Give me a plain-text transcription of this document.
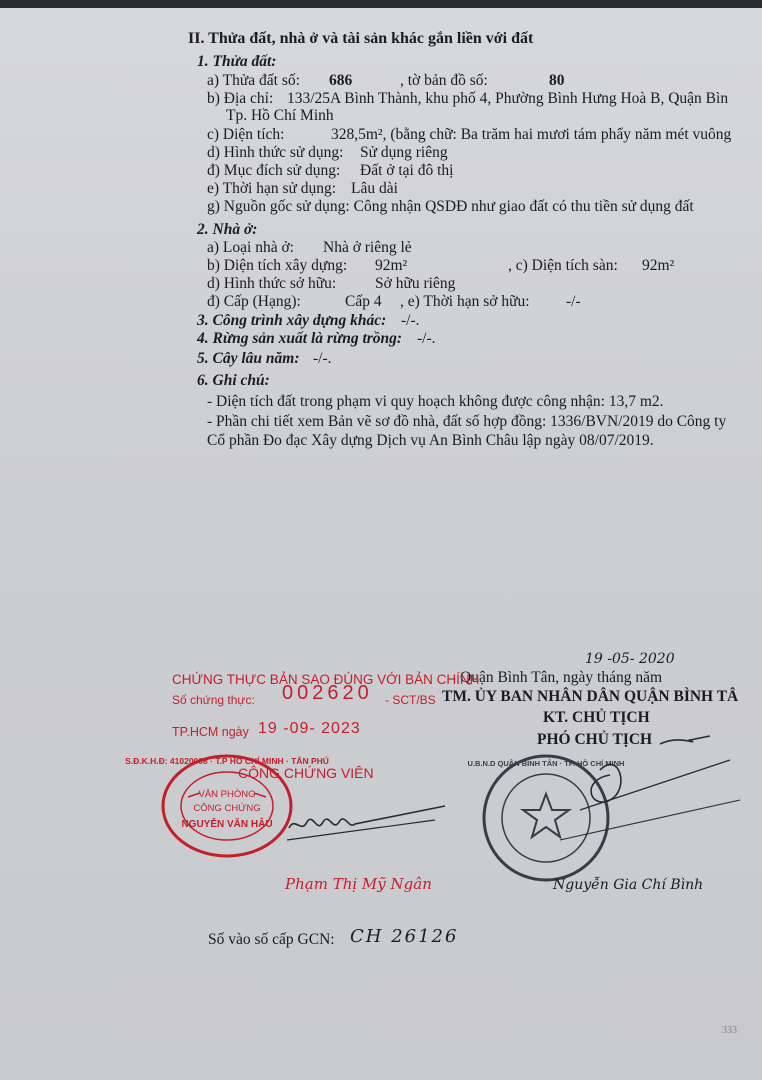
II. Thửa đất, nhà ở và tài sản khác gắn liền với đất
1. Thửa đất:
a) Thửa đất số: 686	, tờ bản đồ số:	80
b) Địa chỉ: 133/25A Bình Thành, khu phố 4, Phường Bình Hưng Hoà B, Quận Bìn
Tp. Hồ Chí Minh
c) Diện tích:	328,5m², (bằng chữ: Ba trăm hai mươi tám phẩy năm mét vuông
d) Hình thức sử dụng: Sử dụng riêng
đ) Mục đích sử dụng: Đất ở tại đô thị
e) Thời hạn sử dụng: Lâu dài
g) Nguồn gốc sử dụng: Công nhận QSDĐ như giao đất có thu tiền sử dụng đất
2. Nhà ở:
a) Loại nhà ở: Nhà ở riêng lẻ
b) Diện tích xây dựng: 92m²	, c) Diện tích sàn: 92m²
d) Hình thức sở hữu:	Sở hữu riêng
đ) Cấp (Hạng):	Cấp 4 , e) Thời hạn sở hữu: -/-
3. Công trình xây dựng khác: -/-.
4. Rừng sản xuất là rừng trồng: -/-.
5. Cây lâu năm: -/-.
6. Ghi chú:
- Diện tích đất trong phạm vi quy hoạch không được công nhận: 13,7 m2.
- Phần chi tiết xem Bản vẽ sơ đồ nhà, đất số hợp đồng: 1336/BVN/2019 do Công ty
Cổ phần Đo đạc Xây dựng Dịch vụ An Bình Châu lập ngày 08/07/2019.
19 -05- 2020
Quận Bình Tân, ngày tháng năm
TM. ỦY BAN NHÂN DÂN QUẬN BÌNH TÂ
KT. CHỦ TỊCH
PHÓ CHỦ TỊCH
CHỨNG THỰC BẢN SAO ĐÚNG VỚI BẢN CHÍNH
Số chứng thực: 002620 - SCT/BS
TP.HCM ngày 19 -09- 2023
CÔNG CHỨNG VIÊN
S.Đ.K.H.Đ: 41020008 · T.P HỒ CHÍ MINH · TÂN PHÚ
VĂN PHÒNG
CÔNG CHỨNG
NGUYỄN VĂN HẬU
Phạm Thị Mỹ Ngân
U.B.N.D QUẬN BÌNH TÂN · TP. HỒ CHÍ MINH
Nguyễn Gia Chí Bình
Số vào số cấp GCN: CH 26126
333
